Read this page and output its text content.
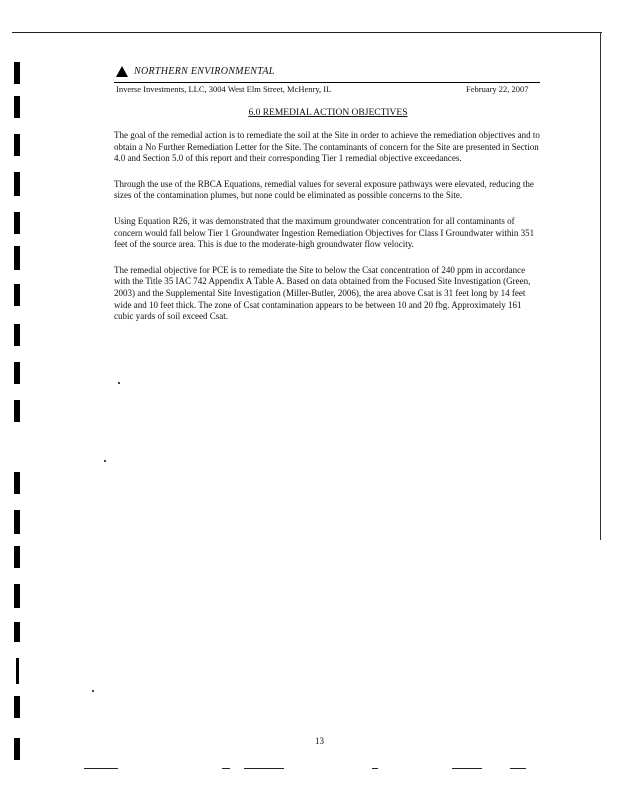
NORTHERN ENVIRONMENTAL
Inverse Investments, LLC, 3004 West Elm Street, McHenry, IL	February 22, 2007
6.0 REMEDIAL ACTION OBJECTIVES

The goal of the remedial action is to remediate the soil at the Site in order to achieve the remediation objectives and to obtain a No Further Remediation Letter for the Site. The contaminants of concern for the Site are presented in Section 4.0 and Section 5.0 of this report and their corresponding Tier 1 remedial objective exceedances.

Through the use of the RBCA Equations, remedial values for several exposure pathways were elevated, reducing the sizes of the contamination plumes, but none could be eliminated as possible concerns to the Site.

Using Equation R26, it was demonstrated that the maximum groundwater concentration for all contaminants of concern would fall below Tier 1 Groundwater Ingestion Remediation Objectives for Class I Groundwater within 351 feet of the source area. This is due to the moderate-high groundwater flow velocity.

The remedial objective for PCE is to remediate the Site to below the Csat concentration of 240 ppm in accordance with the Title 35 IAC 742 Appendix A Table A. Based on data obtained from the Focused Site Investigation (Green, 2003) and the Supplemental Site Investigation (Miller-Butler, 2006), the area above Csat is 31 feet long by 14 feet wide and 10 feet thick. The zone of Csat contamination appears to be between 10 and 20 fbg. Approximately 161 cubic yards of soil exceed Csat.

13
